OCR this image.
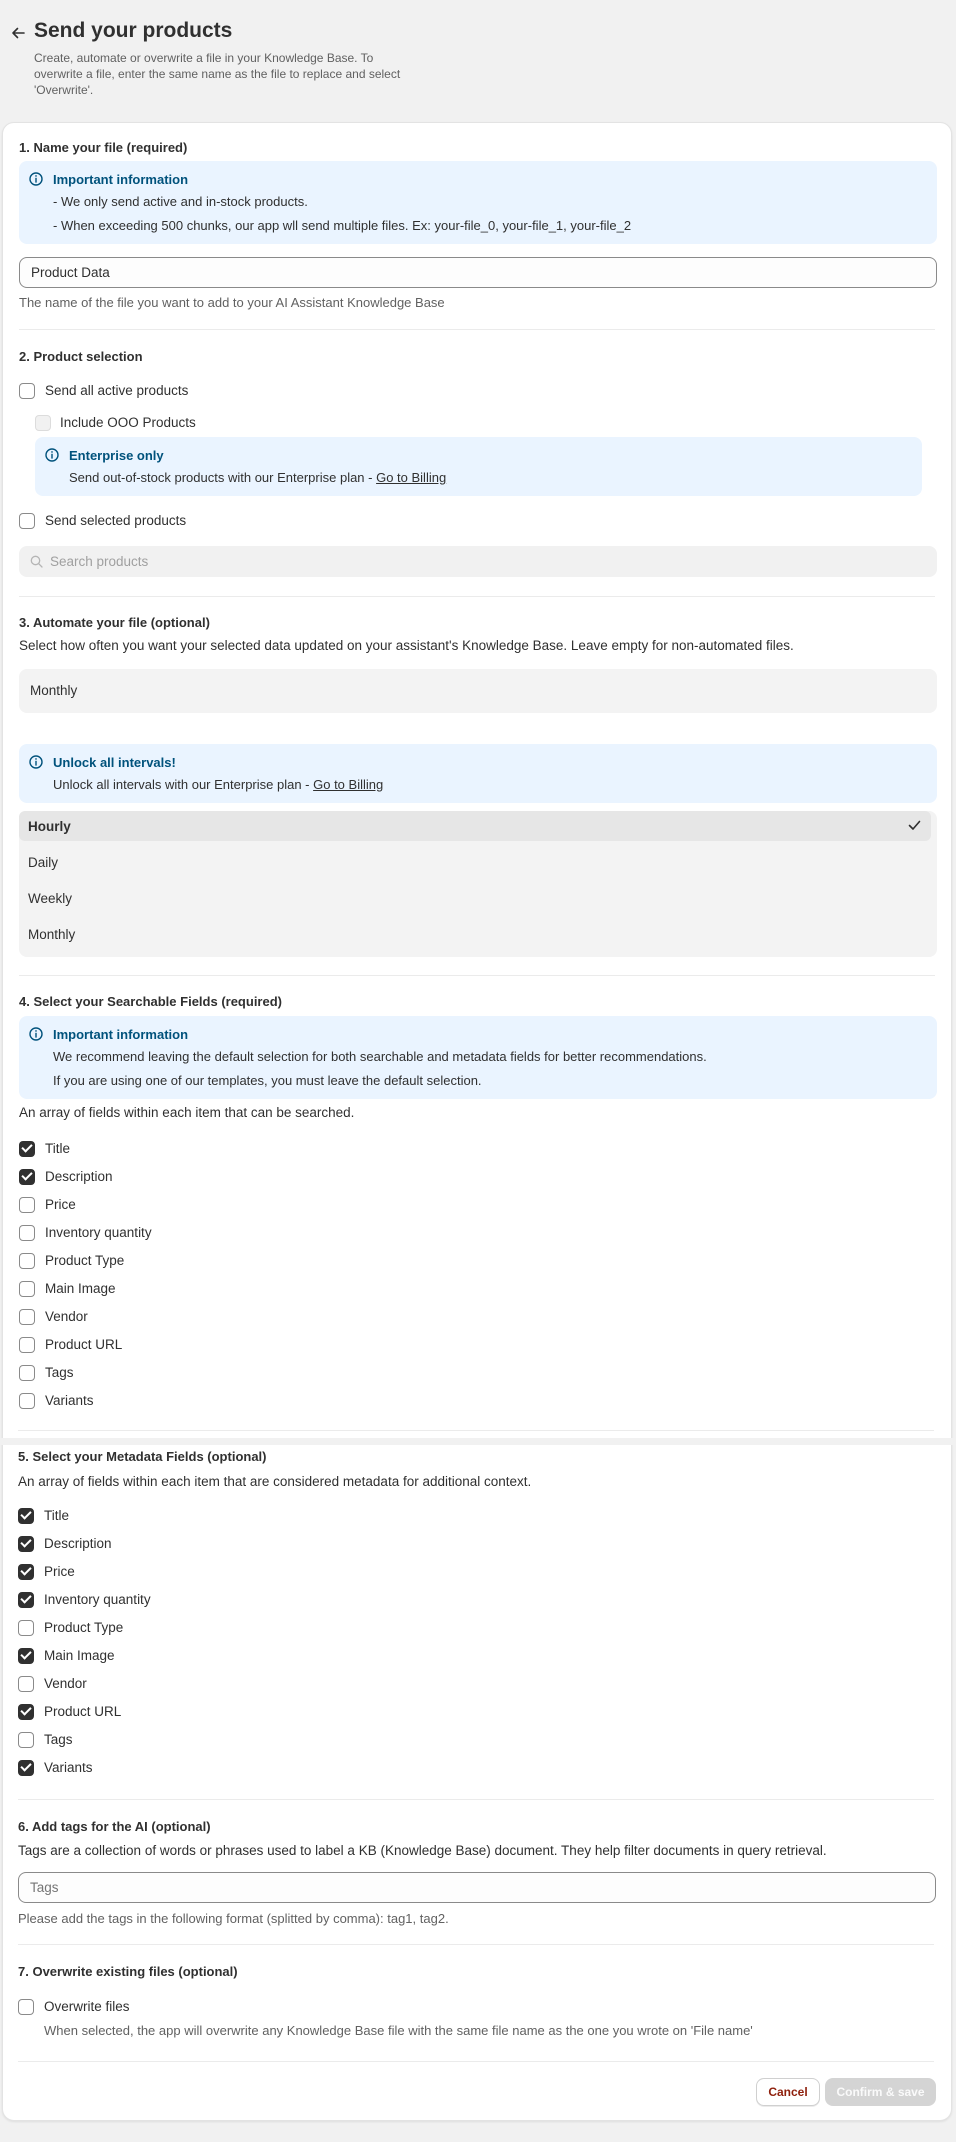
Send your products
Create, automate or overwrite a file in your Knowledge Base. To overwrite a file, enter the same name as the file to replace and select 'Overwrite'.
1. Name your file (required)
Important information
- We only send active and in-stock products.
- When exceeding 500 chunks, our app wll send multiple files. Ex: your-file_0, your-file_1, your-file_2
Product Data
The name of the file you want to add to your AI Assistant Knowledge Base
2. Product selection
Send all active products
Include OOO Products
Enterprise only
Send out-of-stock products with our Enterprise plan - Go to Billing
Send selected products
Search products
3. Automate your file (optional)
Select how often you want your selected data updated on your assistant's Knowledge Base. Leave empty for non-automated files.
Monthly
Unlock all intervals!
Unlock all intervals with our Enterprise plan - Go to Billing
Hourly
Daily
Weekly
Monthly
4. Select your Searchable Fields (required)
Important information
We recommend leaving the default selection for both searchable and metadata fields for better recommendations.
If you are using one of our templates, you must leave the default selection.
An array of fields within each item that can be searched.
Title
Description
Price
Inventory quantity
Product Type
Main Image
Vendor
Product URL
Tags
Variants
5. Select your Metadata Fields (optional)
An array of fields within each item that are considered metadata for additional context.
Title
Description
Price
Inventory quantity
Product Type
Main Image
Vendor
Product URL
Tags
Variants
6. Add tags for the AI (optional)
Tags are a collection of words or phrases used to label a KB (Knowledge Base) document. They help filter documents in query retrieval.
Tags
Please add the tags in the following format (splitted by comma): tag1, tag2.
7. Overwrite existing files (optional)
Overwrite files
When selected, the app will overwrite any Knowledge Base file with the same file name as the one you wrote on 'File name'
Cancel	Confirm & save
